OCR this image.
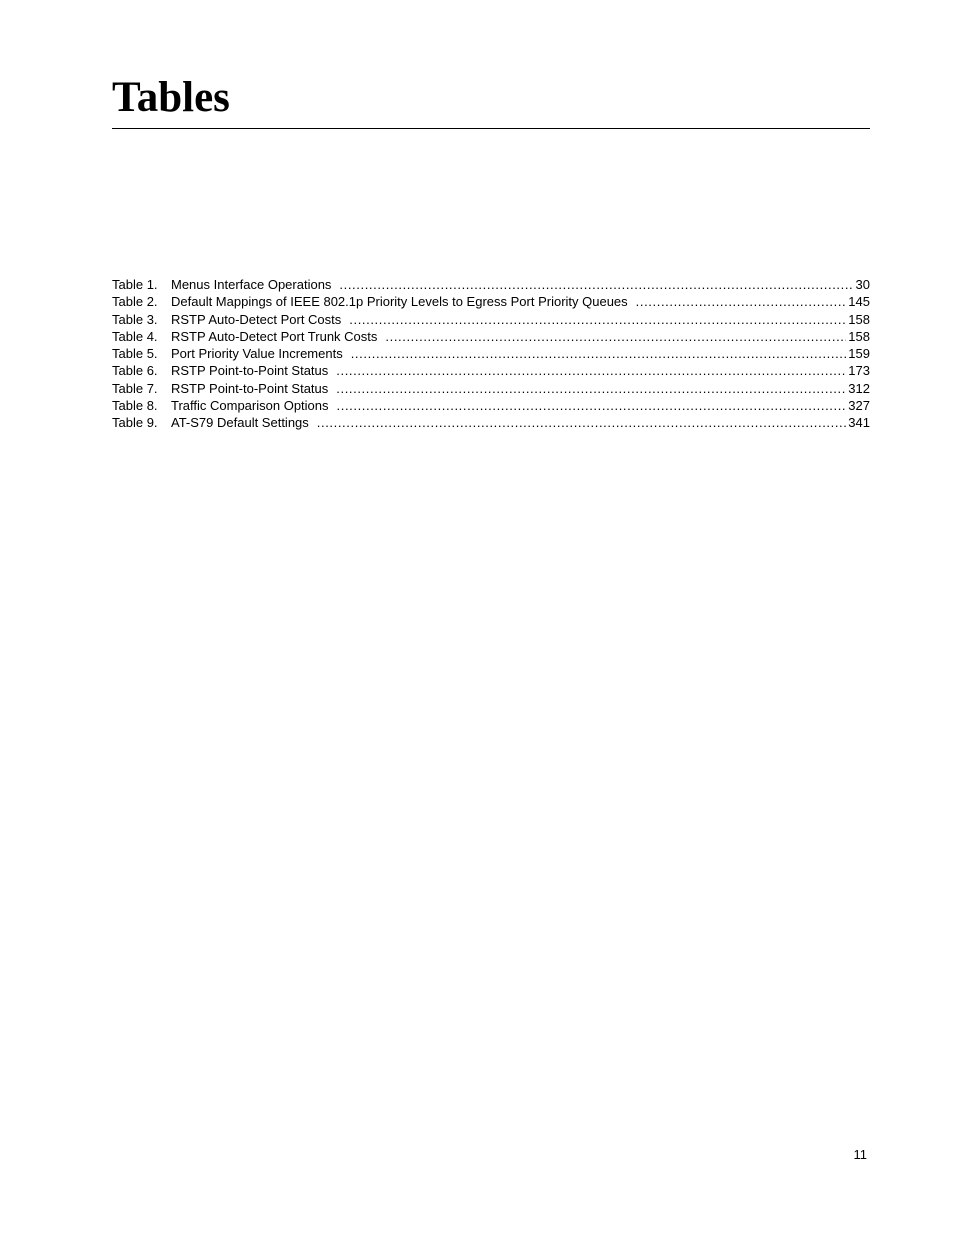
Tables
Table 1.	Menus Interface Operations .....	30
Table 2.	Default Mappings of IEEE 802.1p Priority Levels to Egress Port Priority Queues .....	145
Table 3.	RSTP Auto-Detect Port Costs .....	158
Table 4.	RSTP Auto-Detect Port Trunk Costs .....	158
Table 5.	Port Priority Value Increments .....	159
Table 6.	RSTP Point-to-Point Status .....	173
Table 7.	RSTP Point-to-Point Status .....	312
Table 8.	Traffic Comparison Options .....	327
Table 9.	AT-S79 Default Settings .....	341
11
